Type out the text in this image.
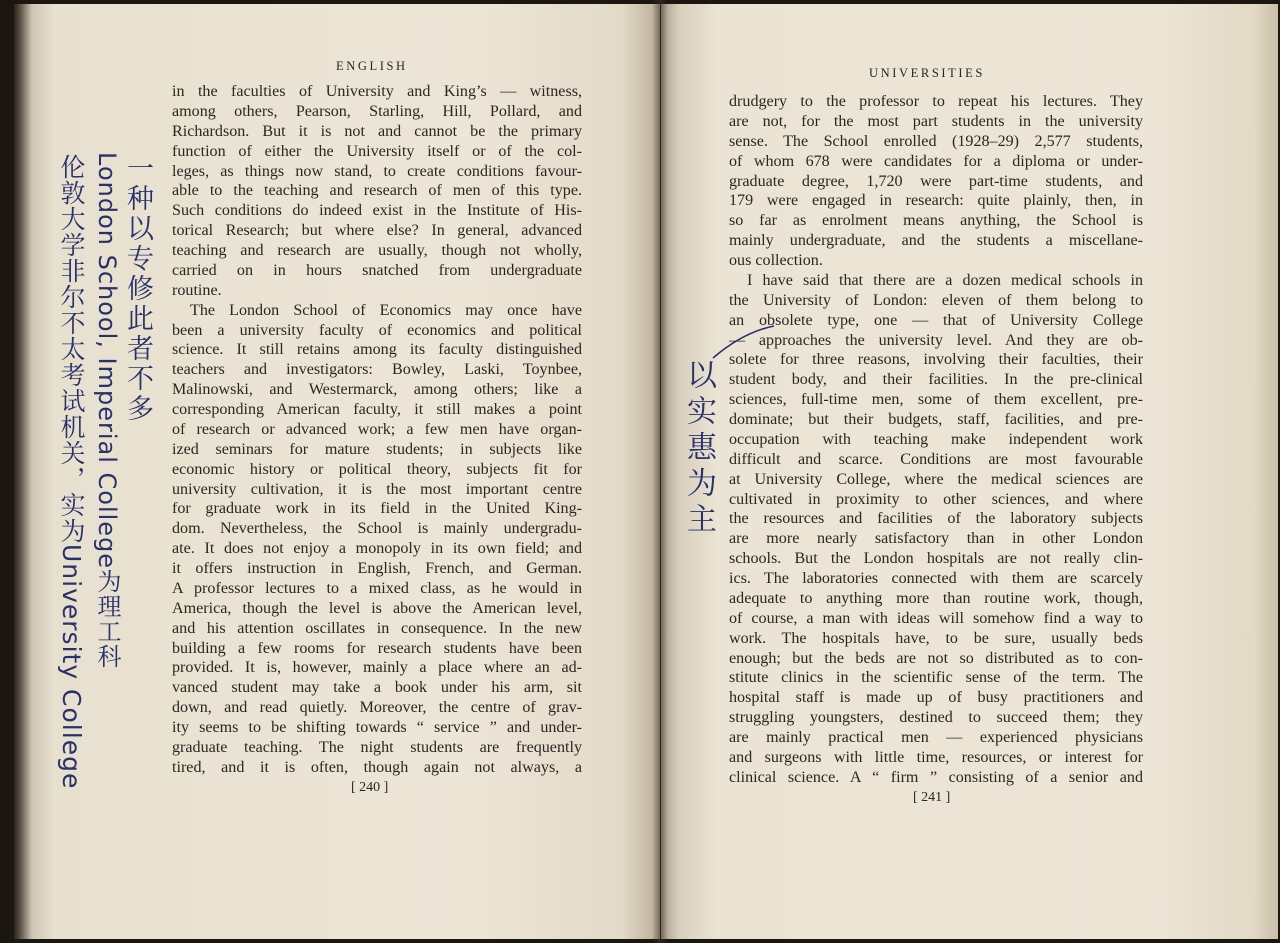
ENGLISH
in the faculties of University and King’s — witness,
among others, Pearson, Starling, Hill, Pollard, and
Richardson. But it is not and cannot be the primary
function of either the University itself or of the col-
leges, as things now stand, to create conditions favour-
able to the teaching and research of men of this type.
Such conditions do indeed exist in the Institute of His-
torical Research; but where else? In general, advanced
teaching and research are usually, though not wholly,
carried on in hours snatched from undergraduate
routine.
The London School of Economics may once have
been a university faculty of economics and political
science. It still retains among its faculty distinguished
teachers and investigators: Bowley, Laski, Toynbee,
Malinowski, and Westermarck, among others; like a
corresponding American faculty, it still makes a point
of research or advanced work; a few men have organ-
ized seminars for mature students; in subjects like
economic history or political theory, subjects fit for
university cultivation, it is the most important centre
for graduate work in its field in the United King-
dom. Nevertheless, the School is mainly undergradu-
ate. It does not enjoy a monopoly in its own field; and
it offers instruction in English, French, and German.
A professor lectures to a mixed class, as he would in
America, though the level is above the American level,
and his attention oscillates in consequence. In the new
building a few rooms for research students have been
provided. It is, however, mainly a place where an ad-
vanced student may take a book under his arm, sit
down, and read quietly. Moreover, the centre of grav-
ity seems to be shifting towards “ service ” and under-
graduate teaching. The night students are frequently
tired, and it is often, though again not always, a
[ 240 ]
一种以专修此者不多
London School, Imperial College为理工科
伦敦大学非尔不太考试机关，实为University College
UNIVERSITIES
drudgery to the professor to repeat his lectures. They
are not, for the most part students in the university
sense. The School enrolled (1928–29) 2,577 students,
of whom 678 were candidates for a diploma or under-
graduate degree, 1,720 were part-time students, and
179 were engaged in research: quite plainly, then, in
so far as enrolment means anything, the School is
mainly undergraduate, and the students a miscellane-
ous collection.
I have said that there are a dozen medical schools in
the University of London: eleven of them belong to
an obsolete type, one — that of University College
— approaches the university level. And they are ob-
solete for three reasons, involving their faculties, their
student body, and their facilities. In the pre-clinical
sciences, full-time men, some of them excellent, pre-
dominate; but their budgets, staff, facilities, and pre-
occupation with teaching make independent work
difficult and scarce. Conditions are most favourable
at University College, where the medical sciences are
cultivated in proximity to other sciences, and where
the resources and facilities of the laboratory subjects
are more nearly satisfactory than in other London
schools. But the London hospitals are not really clin-
ics. The laboratories connected with them are scarcely
adequate to anything more than routine work, though,
of course, a man with ideas will somehow find a way to
work. The hospitals have, to be sure, usually beds
enough; but the beds are not so distributed as to con-
stitute clinics in the scientific sense of the term. The
hospital staff is made up of busy practitioners and
struggling youngsters, destined to succeed them; they
are mainly practical men — experienced physicians
and surgeons with little time, resources, or interest for
clinical science. A “ firm ” consisting of a senior and
[ 241 ]
以实惠为主
